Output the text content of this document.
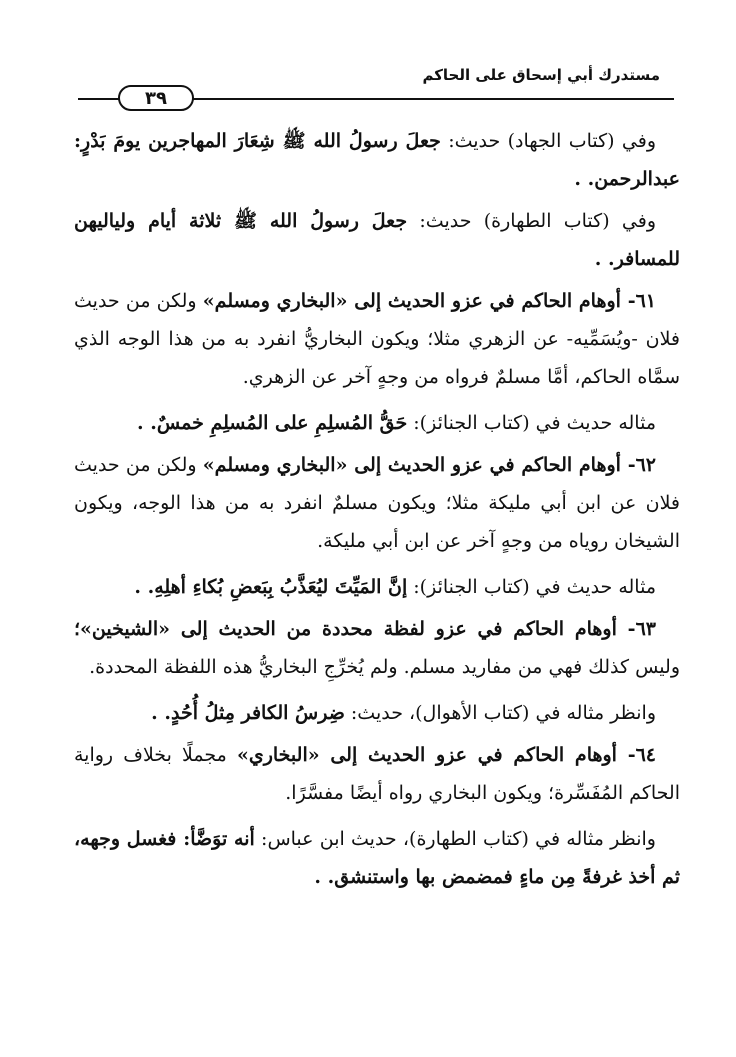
مستدرك أبي إسحاق على الحاكم
٣٩

وفي (كتاب الجهاد) حديث: جعلَ رسولُ الله ﷺ شِعَارَ المهاجرين يومَ بَدْرٍ: عبدالرحمن. .

وفي (كتاب الطهارة) حديث: جعلَ رسولُ الله ﷺ ثلاثة أيام ولياليهن للمسافر. .

٦١- أوهام الحاكم في عزو الحديث إلى «البخاري ومسلم» ولكن من حديث فلان -ويُسَمِّيه- عن الزهري مثلا؛ ويكون البخاريُّ انفرد به من هذا الوجه الذي سمَّاه الحاكم، أمَّا مسلمٌ فرواه من وجهٍ آخر عن الزهري.

مثاله حديث في (كتاب الجنائز): حَقُّ المُسلِمِ على المُسلِمِ خمسٌ. .

٦٢- أوهام الحاكم في عزو الحديث إلى «البخاري ومسلم» ولكن من حديث فلان عن ابن أبي مليكة مثلا؛ ويكون مسلمٌ انفرد به من هذا الوجه، ويكون الشيخان روياه من وجهٍ آخر عن ابن أبي مليكة.

مثاله حديث في (كتاب الجنائز): إنَّ المَيِّتَ ليُعَذَّبُ بِبَعضِ بُكاءِ أهلِهِ. .

٦٣- أوهام الحاكم في عزو لفظة محددة من الحديث إلى «الشيخين»؛ وليس كذلك فهي من مفاريد مسلم. ولم يُخرِّجِ البخاريُّ هذه اللفظة المحددة.

وانظر مثاله في (كتاب الأهوال)، حديث: ضِرسُ الكافر مِثلُ أُحُدٍ. .

٦٤- أوهام الحاكم في عزو الحديث إلى «البخاري» مجملًا بخلاف رواية الحاكم المُفَسِّرة؛ ويكون البخاري رواه أيضًا مفسَّرًا.

وانظر مثاله في (كتاب الطهارة)، حديث ابن عباس: أنه توَضَّأ: فغسل وجهه، ثم أخذ غرفةً مِن ماءٍ فمضمض بها واستنشق. .
